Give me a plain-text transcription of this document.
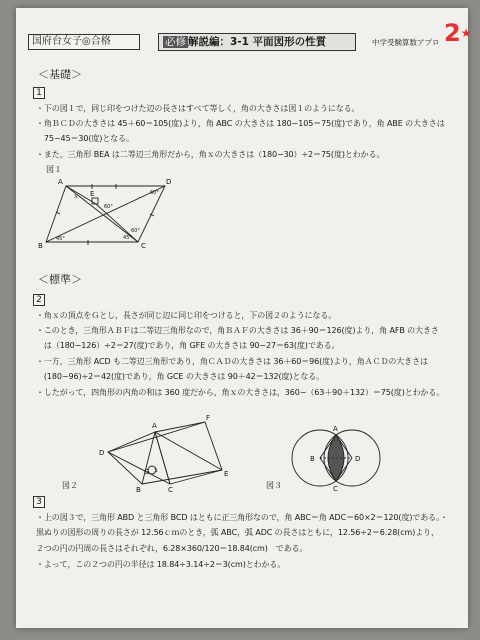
国府台女子◎合格	必修 解説編：3-1 平面図形の性質	中学受験算数アプロ 2★
＜基礎＞
1
・下の図１で，同じ印をつけた辺の長さはすべて等しく，角の大きさは図１のようになる。
・角ＢＣＤの大きさは 45＋60＝105(度)より，角 ABC の大きさは 180−105＝75(度)であり，角 ABE の大きさは
　75−45＝30(度)となる。
・また，三角形 BEA は二等辺三角形だから，角ｘの大きさは（180−30）÷2＝75(度)とわかる。
図１
＜標準＞
2
・角ｘの頂点をＧとし，長さが同じ辺に同じ印をつけると，下の図２のようになる。
・このとき，三角形ＡＢＦは二等辺三角形なので，角ＢＡＦの大きさは 36＋90＝126(度)より，角 AFB の大きさ
　は（180−126）÷2＝27(度)であり，角 GFE の大きさは 90−27＝63(度)である。
・一方，三角形 ACD も二等辺三角形であり，角ＣＡＤの大きさは 36＋60＝96(度)より，角ＡＣＤの大きさは
　(180−96)÷2＝42(度)であり，角 GCE の大きさは 90＋42＝132(度)となる。
・したがって，四角形の内角の和は 360 度だから，角ｘの大きさは，360−（63＋90＋132）＝75(度)とわかる。
図２	図３
3
・上の図３で，三角形 ABD と三角形 BCD はともに正三角形なので，角 ABC＝角 ADC＝60×2＝120(度)である。・
黒ぬりの図形の周りの長さが 12.56ｃｍのとき，弧 ABC，弧 ADC の長さはともに，12.56÷2＝6.28(cm)より，
２つの円の円周の長さはそれぞれ，6.28×360/120＝18.84(cm)　である。
・よって，この２つの円の半径は 18.84÷3.14÷2＝3(cm)とわかる。
A
B	C
D
E
ｘ	60°
60°
45°	45°
60°
A
B	C
D
E
F
G ｘ
A
B
C
D
